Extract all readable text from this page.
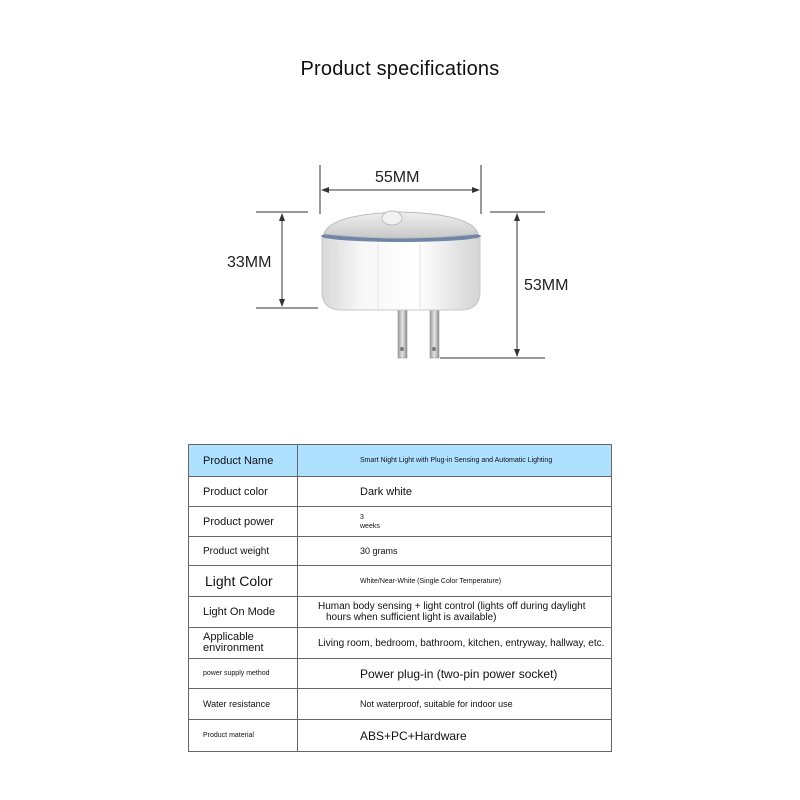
Product specifications
55MM
33MM
53MM
Product Name	Smart Night Light with Plug-in Sensing and Automatic Lighting
Product color	Dark white
Product power	3
weeks

Product weight	30 grams
Light Color	White/Near-White (Single Color Temperature)
Light On Mode	Human body sensing + light control (lights off during daylight
hours when sufficient light is available)

Applicable
environment	Living room, bedroom, bathroom, kitchen, entryway, hallway, etc.
power supply method	Power plug-in (two-pin power socket)
Water resistance	Not waterproof, suitable for indoor use
Product material	ABS+PC+Hardware
